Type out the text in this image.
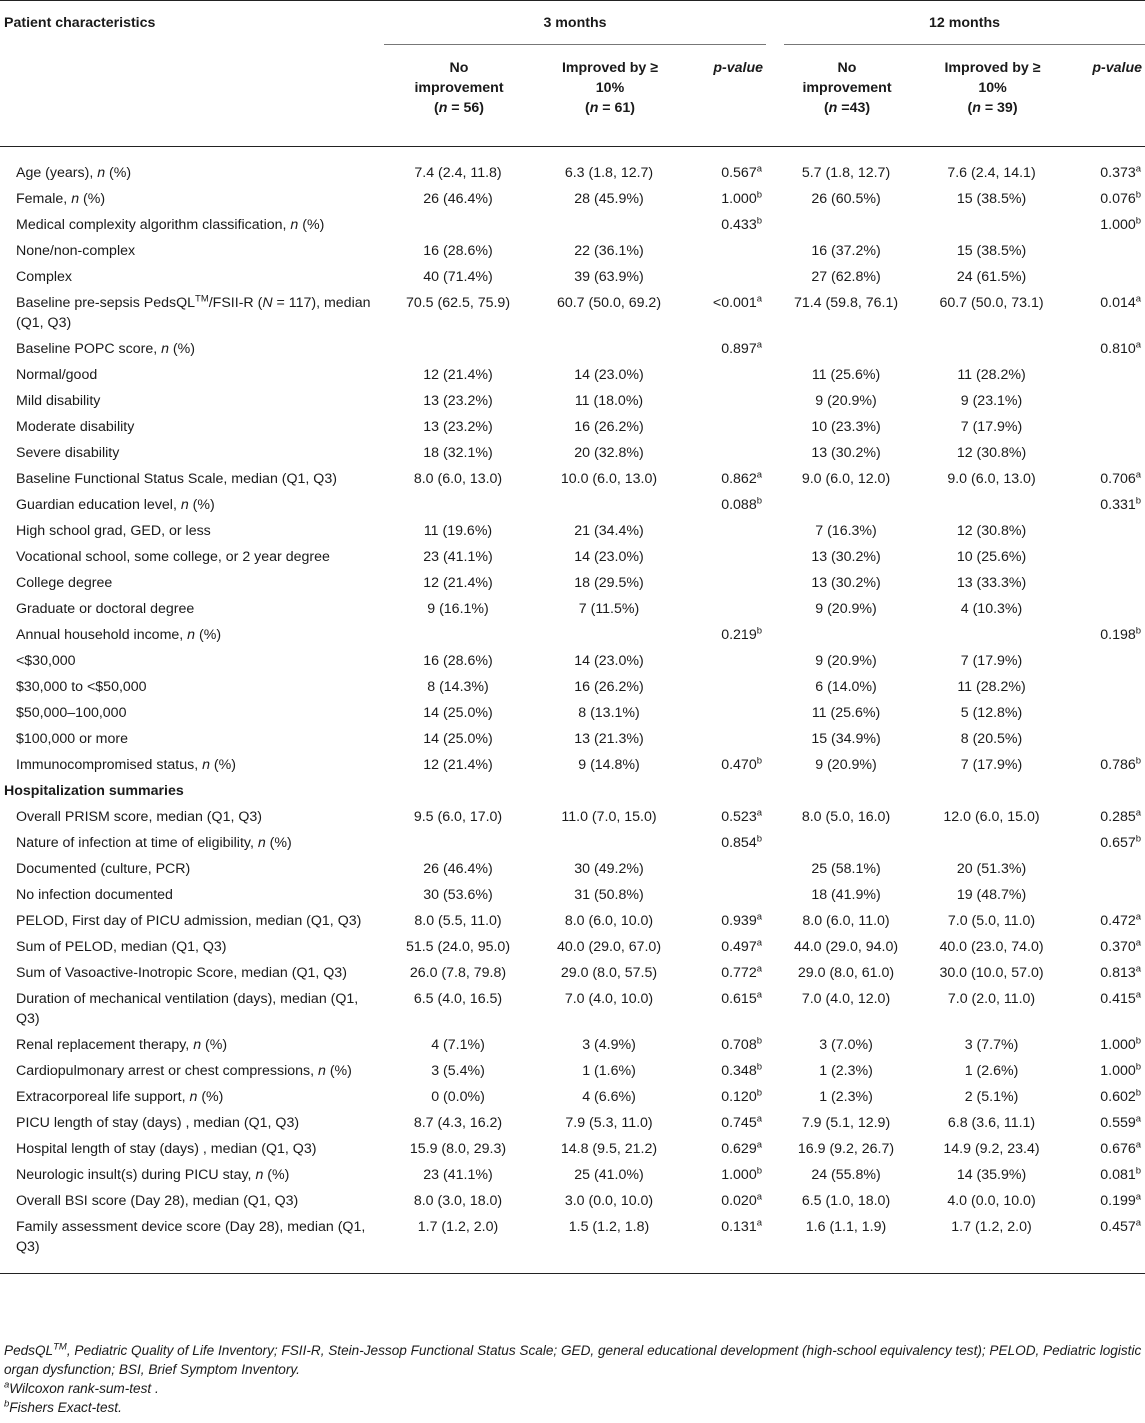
Patient characteristics	3 months				12 months		

	No
improvement
(n = 56)	Improved by ≥
10%
(n = 61)	p-value		No
improvement
(n =43)	Improved by ≥
10%
(n = 39)	p-value
Age (years), n (%)	7.4 (2.4, 11.8)	6.3 (1.8, 12.7)	0.567$^a$		5.7 (1.8, 12.7)	7.6 (2.4, 14.1)	0.373$^a$
Female, n (%)	26 (46.4%)	28 (45.9%)	1.000$^b$		26 (60.5%)	15 (38.5%)	0.076$^b$
Medical complexity algorithm classification, n (%)			0.433$^b$				1.000$^b$
None/non-complex	16 (28.6%)	22 (36.1%)			16 (37.2%)	15 (38.5%)	
Complex	40 (71.4%)	39 (63.9%)			27 (62.8%)	24 (61.5%)	
Baseline pre-sepsis PedsQL™/FSII-R (N = 117), median (Q1, Q3)	70.5 (62.5, 75.9)	60.7 (50.0, 69.2)	<0.001$^a$		71.4 (59.8, 76.1)	60.7 (50.0, 73.1)	0.014$^a$
Baseline POPC score, n (%)			0.897$^a$				0.810$^a$
Normal/good	12 (21.4%)	14 (23.0%)			11 (25.6%)	11 (28.2%)	
Mild disability	13 (23.2%)	11 (18.0%)			9 (20.9%)	9 (23.1%)	
Moderate disability	13 (23.2%)	16 (26.2%)			10 (23.3%)	7 (17.9%)	
Severe disability	18 (32.1%)	20 (32.8%)			13 (30.2%)	12 (30.8%)	
Baseline Functional Status Scale, median (Q1, Q3)	8.0 (6.0, 13.0)	10.0 (6.0, 13.0)	0.862$^a$		9.0 (6.0, 12.0)	9.0 (6.0, 13.0)	0.706$^a$
Guardian education level, n (%)			0.088$^b$				0.331$^b$
High school grad, GED, or less	11 (19.6%)	21 (34.4%)			7 (16.3%)	12 (30.8%)	
Vocational school, some college, or 2 year degree	23 (41.1%)	14 (23.0%)			13 (30.2%)	10 (25.6%)	
College degree	12 (21.4%)	18 (29.5%)			13 (30.2%)	13 (33.3%)	
Graduate or doctoral degree	9 (16.1%)	7 (11.5%)			9 (20.9%)	4 (10.3%)	
Annual household income, n (%)			0.219$^b$				0.198$^b$
<$30,000	16 (28.6%)	14 (23.0%)			9 (20.9%)	7 (17.9%)	
$30,000 to <$50,000	8 (14.3%)	16 (26.2%)			6 (14.0%)	11 (28.2%)	
$50,000–100,000	14 (25.0%)	8 (13.1%)			11 (25.6%)	5 (12.8%)	
$100,000 or more	14 (25.0%)	13 (21.3%)			15 (34.9%)	8 (20.5%)	
Immunocompromised status, n (%)	12 (21.4%)	9 (14.8%)	0.470$^b$		9 (20.9%)	7 (17.9%)	0.786$^b$
Hospitalization summaries							
Overall PRISM score, median (Q1, Q3)	9.5 (6.0, 17.0)	11.0 (7.0, 15.0)	0.523$^a$		8.0 (5.0, 16.0)	12.0 (6.0, 15.0)	0.285$^a$
Nature of infection at time of eligibility, n (%)			0.854$^b$				0.657$^b$
Documented (culture, PCR)	26 (46.4%)	30 (49.2%)			25 (58.1%)	20 (51.3%)	
No infection documented	30 (53.6%)	31 (50.8%)			18 (41.9%)	19 (48.7%)	
PELOD, First day of PICU admission, median (Q1, Q3)	8.0 (5.5, 11.0)	8.0 (6.0, 10.0)	0.939$^a$		8.0 (6.0, 11.0)	7.0 (5.0, 11.0)	0.472$^a$
Sum of PELOD, median (Q1, Q3)	51.5 (24.0, 95.0)	40.0 (29.0, 67.0)	0.497$^a$		44.0 (29.0, 94.0)	40.0 (23.0, 74.0)	0.370$^a$
Sum of Vasoactive-Inotropic Score, median (Q1, Q3)	26.0 (7.8, 79.8)	29.0 (8.0, 57.5)	0.772$^a$		29.0 (8.0, 61.0)	30.0 (10.0, 57.0)	0.813$^a$
Duration of mechanical ventilation (days), median (Q1, Q3)	6.5 (4.0, 16.5)	7.0 (4.0, 10.0)	0.615$^a$		7.0 (4.0, 12.0)	7.0 (2.0, 11.0)	0.415$^a$
Renal replacement therapy, n (%)	4 (7.1%)	3 (4.9%)	0.708$^b$		3 (7.0%)	3 (7.7%)	1.000$^b$
Cardiopulmonary arrest or chest compressions, n (%)	3 (5.4%)	1 (1.6%)	0.348$^b$		1 (2.3%)	1 (2.6%)	1.000$^b$
Extracorporeal life support, n (%)	0 (0.0%)	4 (6.6%)	0.120$^b$		1 (2.3%)	2 (5.1%)	0.602$^b$
PICU length of stay (days) , median (Q1, Q3)	8.7 (4.3, 16.2)	7.9 (5.3, 11.0)	0.745$^a$		7.9 (5.1, 12.9)	6.8 (3.6, 11.1)	0.559$^a$
Hospital length of stay (days) , median (Q1, Q3)	15.9 (8.0, 29.3)	14.8 (9.5, 21.2)	0.629$^a$		16.9 (9.2, 26.7)	14.9 (9.2, 23.4)	0.676$^a$
Neurologic insult(s) during PICU stay, n (%)	23 (41.1%)	25 (41.0%)	1.000$^b$		24 (55.8%)	14 (35.9%)	0.081$^b$
Overall BSI score (Day 28), median (Q1, Q3)	8.0 (3.0, 18.0)	3.0 (0.0, 10.0)	0.020$^a$		6.5 (1.0, 18.0)	4.0 (0.0, 10.0)	0.199$^a$
Family assessment device score (Day 28), median (Q1, Q3)	1.7 (1.2, 2.0)	1.5 (1.2, 1.8)	0.131$^a$		1.6 (1.1, 1.9)	1.7 (1.2, 2.0)	0.457$^a$
PedsQL™, Pediatric Quality of Life Inventory; FSII-R, Stein-Jessop Functional Status Scale; GED, general educational development (high-school equivalency test); PELOD, Pediatric logistic organ dysfunction; BSI, Brief Symptom Inventory.
$^a$Wilcoxon rank-sum-test .
$^b$Fishers Exact-test.
